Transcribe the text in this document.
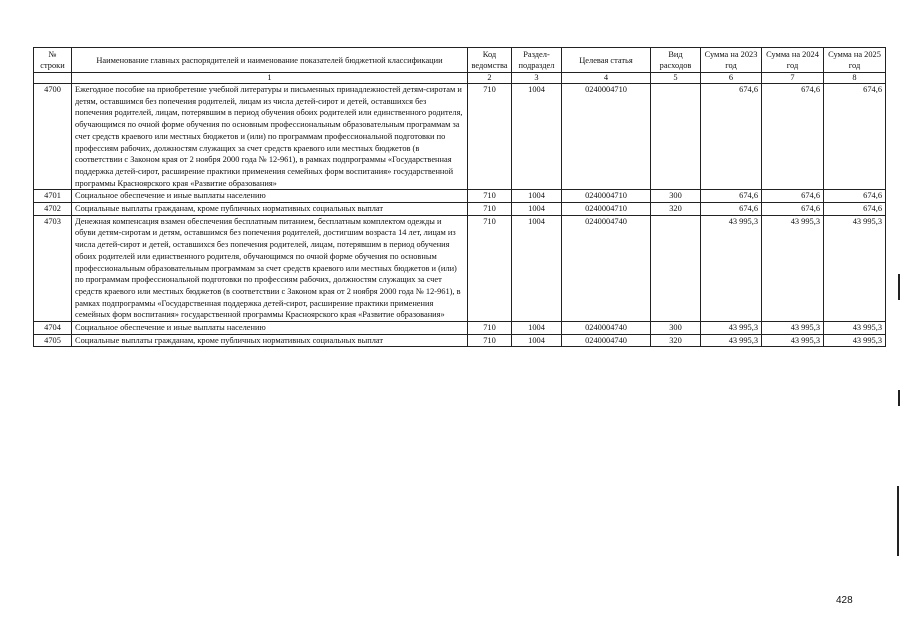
№ строки	Наименование главных распорядителей и наименование показателей бюджетной классификации	Код ведомства	Раздел-подраздел	Целевая статья	Вид расходов	Сумма на 2023 год	Сумма на 2024 год	Сумма на 2025 год
	1	2	3	4	5	6	7	8
4700	Ежегодное пособие на приобретение учебной литературы и письменных принадлежностей детям-сиротам и детям, оставшимся без попечения родителей, лицам из числа детей-сирот и детей, оставшихся без попечения родителей, лицам, потерявшим в период обучения обоих родителей или единственного родителя, обучающимся по очной форме обучения по основным профессиональным образовательным программам за счет средств краевого или местных бюджетов и (или) по программам профессиональной подготовки по профессиям рабочих, должностям служащих за счет средств краевого или местных бюджетов (в соответствии с Законом края от 2 ноября 2000 года № 12-961), в рамках подпрограммы «Государственная поддержка детей-сирот, расширение практики применения семейных форм воспитания» государственной программы Красноярского края «Развитие образования»	710	1004	0240004710		674,6	674,6	674,6
4701	Социальное обеспечение и иные выплаты населению	710	1004	0240004710	300	674,6	674,6	674,6
4702	Социальные выплаты гражданам, кроме публичных нормативных социальных выплат	710	1004	0240004710	320	674,6	674,6	674,6
4703	Денежная компенсация взамен обеспечения бесплатным питанием, бесплатным комплектом одежды и обуви детям-сиротам и детям, оставшимся без попечения родителей, достигшим возраста 14 лет, лицам из числа детей-сирот и детей, оставшихся без попечения родителей, лицам, потерявшим в период обучения обоих родителей или единственного родителя, обучающимся по очной форме обучения по основным профессиональным образовательным программам за счет средств краевого или местных бюджетов и (или) по программам профессиональной подготовки по профессиям рабочих, должностям служащих за счет средств краевого или местных бюджетов (в соответствии с Законом края от 2 ноября 2000 года № 12-961), в рамках подпрограммы «Государственная поддержка детей-сирот, расширение практики применения семейных форм воспитания» государственной программы Красноярского края «Развитие образования»	710	1004	0240004740		43 995,3	43 995,3	43 995,3
4704	Социальное обеспечение и иные выплаты населению	710	1004	0240004740	300	43 995,3	43 995,3	43 995,3
4705	Социальные выплаты гражданам, кроме публичных нормативных социальных выплат	710	1004	0240004740	320	43 995,3	43 995,3	43 995,3
428
